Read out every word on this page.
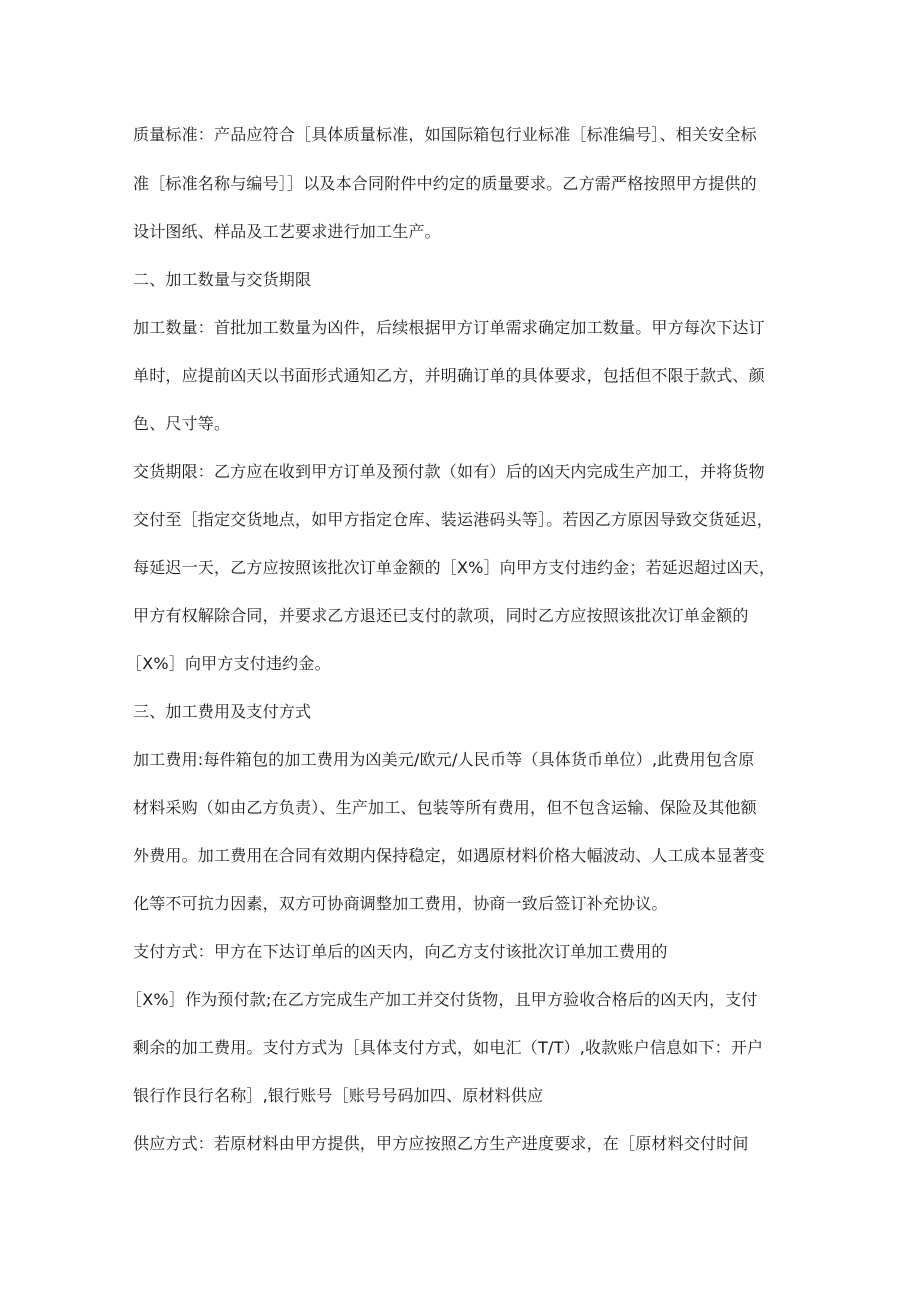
质量标准：产品应符合［具体质量标准，如国际箱包行业标准［标准编号］、相关安全标
准［标准名称与编号］］以及本合同附件中约定的质量要求。乙方需严格按照甲方提供的
设计图纸、样品及工艺要求进行加工生产。
二、加工数量与交货期限
加工数量：首批加工数量为凶件，后续根据甲方订单需求确定加工数量。甲方每次下达订
单时，应提前凶天以书面形式通知乙方，并明确订单的具体要求，包括但不限于款式、颜
色、尺寸等。
交货期限：乙方应在收到甲方订单及预付款（如有）后的凶天内完成生产加工，并将货物
交付至［指定交货地点，如甲方指定仓库、装运港码头等］。若因乙方原因导致交货延迟，
每延迟一天，乙方应按照该批次订单金额的［X%］向甲方支付违约金；若延迟超过凶天，
甲方有权解除合同，并要求乙方退还已支付的款项，同时乙方应按照该批次订单金额的
［X%］向甲方支付违约金。
三、加工费用及支付方式
加工费用:每件箱包的加工费用为凶美元/欧元/人民币等（具体货币单位）,此费用包含原
材料采购（如由乙方负责）、生产加工、包装等所有费用，但不包含运输、保险及其他额
外费用。加工费用在合同有效期内保持稳定，如遇原材料价格大幅波动、人工成本显著变
化等不可抗力因素，双方可协商调整加工费用，协商一致后签订补充协议。
支付方式：甲方在下达订单后的凶天内，向乙方支付该批次订单加工费用的
［X%］作为预付款;在乙方完成生产加工并交付货物，且甲方验收合格后的凶天内，支付
剩余的加工费用。支付方式为［具体支付方式，如电汇（T/T）,收款账户信息如下：开户
银行作艮行名称］,银行账号［账号号码加四、原材料供应
供应方式：若原材料由甲方提供，甲方应按照乙方生产进度要求，在［原材料交付时间
